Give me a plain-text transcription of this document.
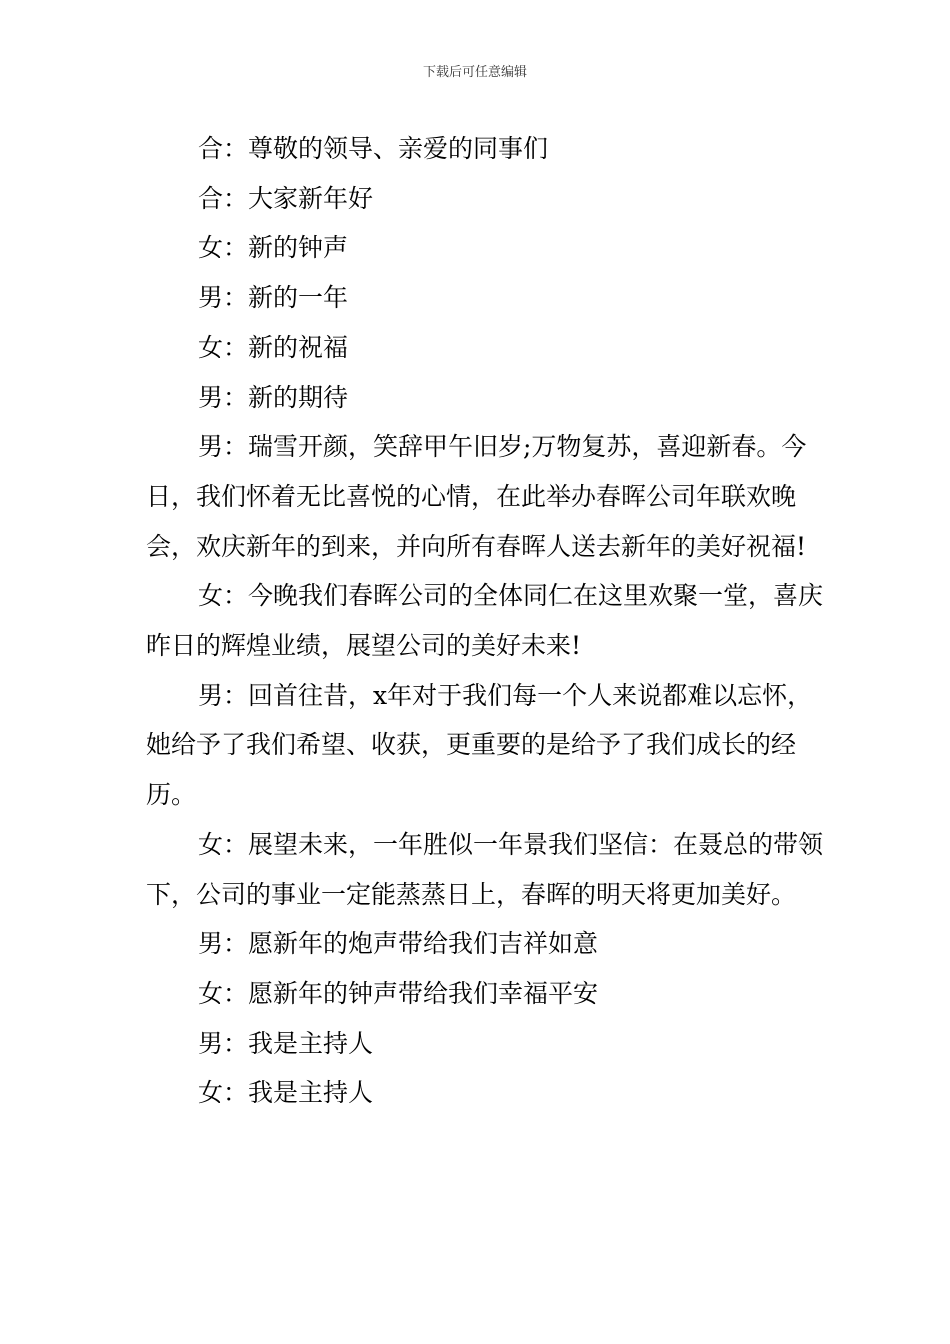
下载后可任意编辑

合：尊敬的领导、亲爱的同事们

合：大家新年好

女：新的钟声

男：新的一年

女：新的祝福

男：新的期待

男：瑞雪开颜，笑辞甲午旧岁;万物复苏，喜迎新春。今日，我们怀着无比喜悦的心情，在此举办春晖公司年联欢晚会，欢庆新年的到来，并向所有春晖人送去新年的美好祝福!

女：今晚我们春晖公司的全体同仁在这里欢聚一堂，喜庆昨日的辉煌业绩，展望公司的美好未来!

男：回首往昔，x年对于我们每一个人来说都难以忘怀，她给予了我们希望、收获，更重要的是给予了我们成长的经历。

女：展望未来，一年胜似一年景我们坚信：在聂总的带领下，公司的事业一定能蒸蒸日上，春晖的明天将更加美好。

男：愿新年的炮声带给我们吉祥如意

女：愿新年的钟声带给我们幸福平安

男：我是主持人

女：我是主持人
